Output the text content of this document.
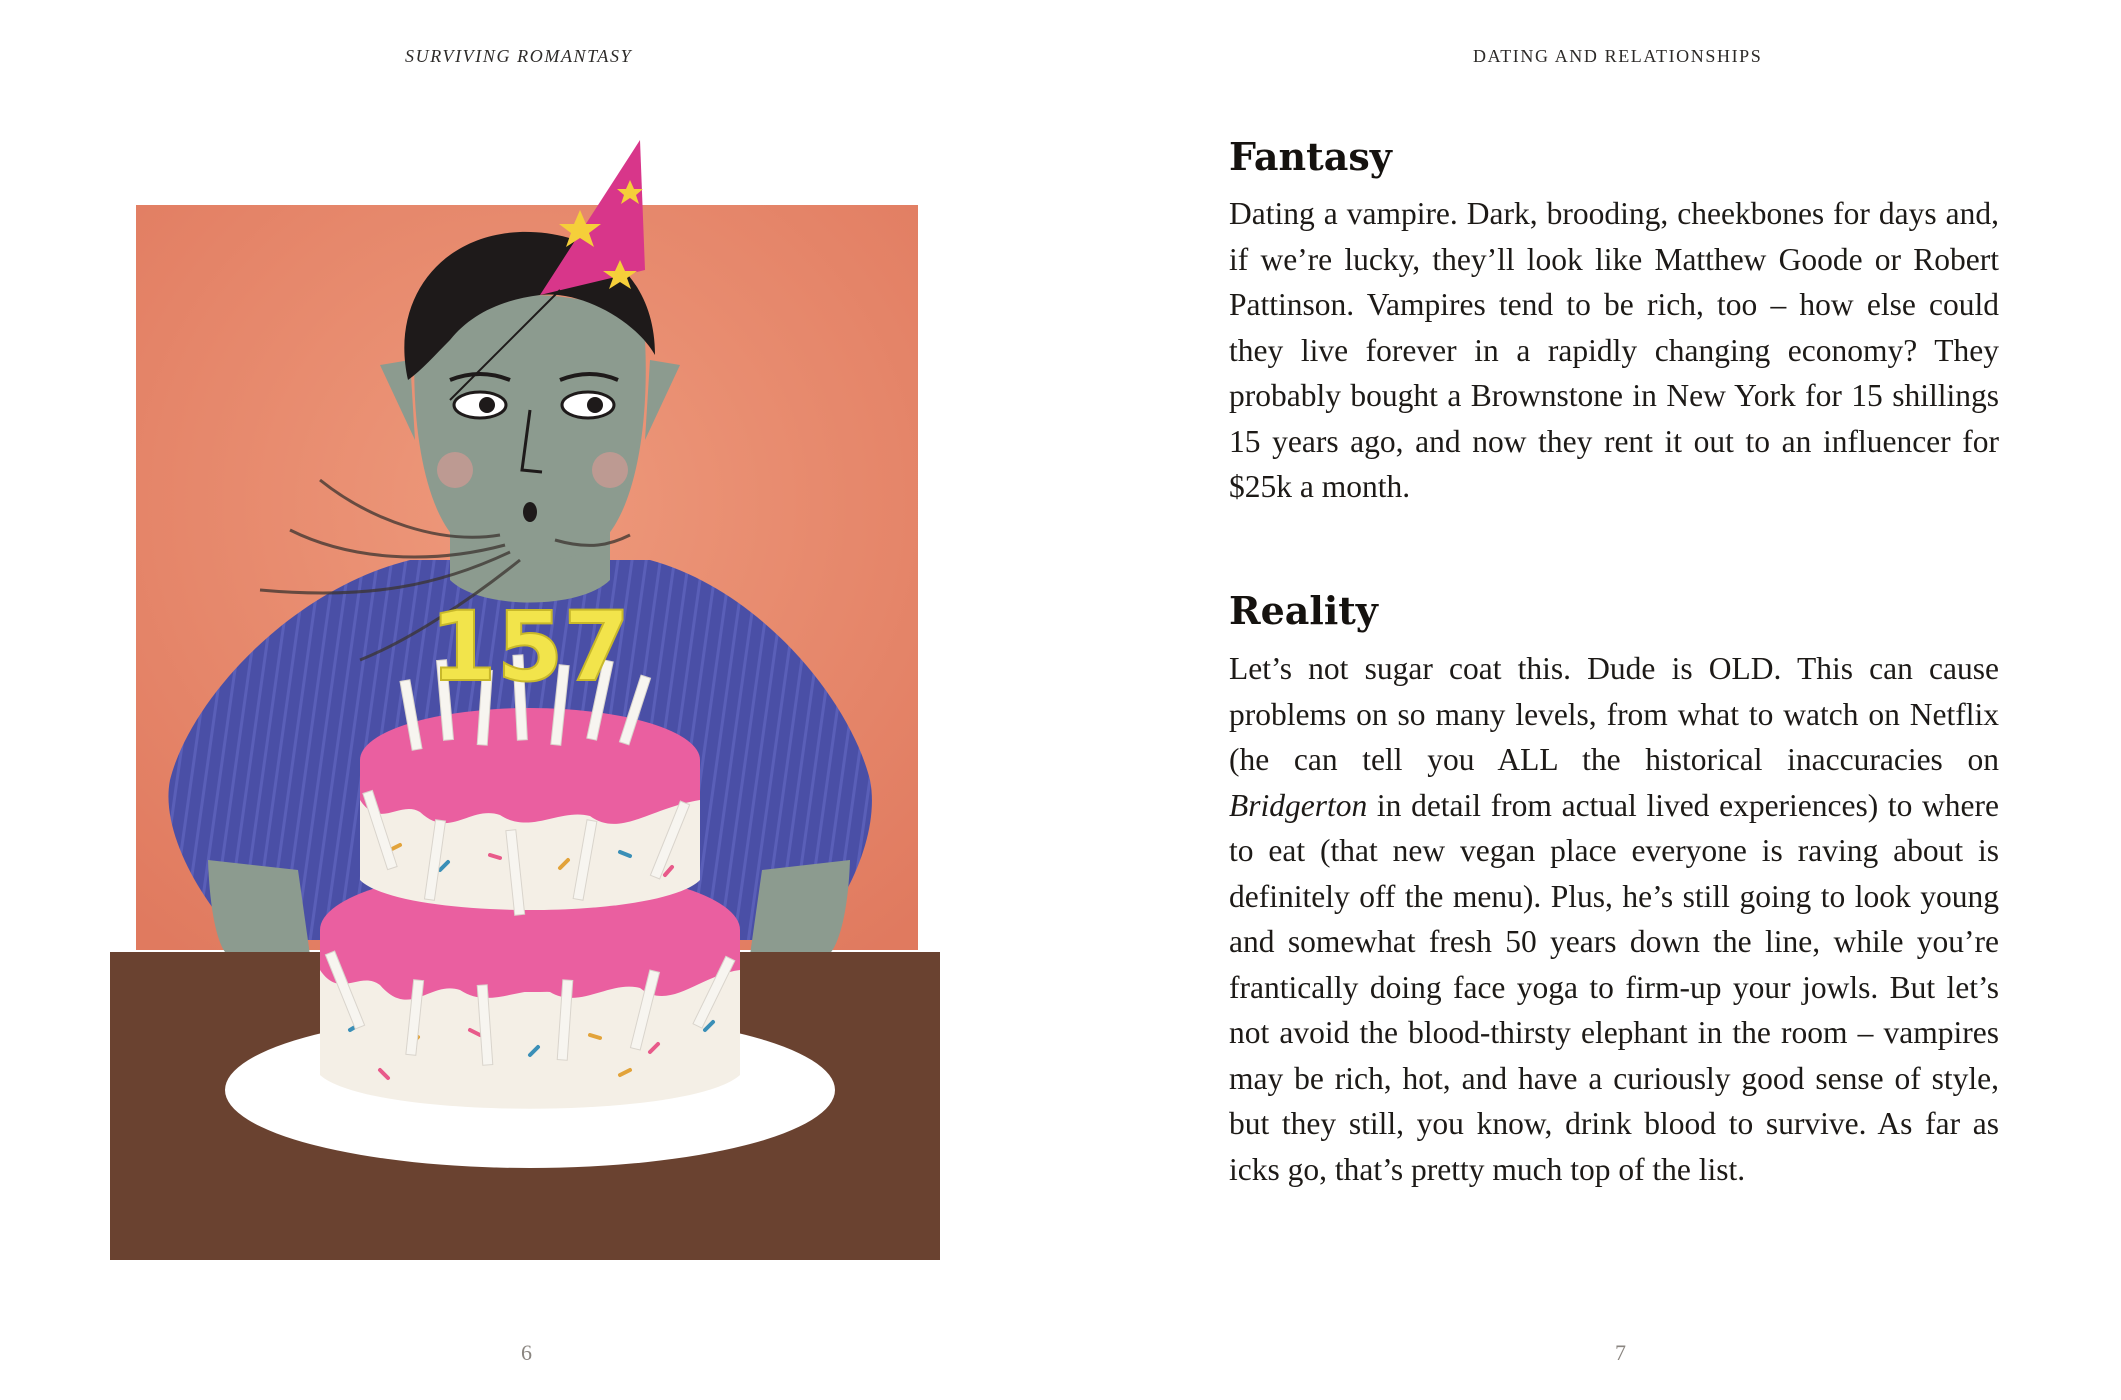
SURVIVING ROMANTASY
157
6
DATING AND RELATIONSHIPS
Fantasy

Dating a vampire. Dark, brooding, cheekbones for days and, if we’re lucky, they’ll look like Matthew Goode or Robert Pattinson. Vampires tend to be rich, too – how else could they live forever in a rapidly changing economy? They probably bought a Brownstone in New York for 15 shillings 15 years ago, and now they rent it out to an influencer for $25k a month.

Reality

Let’s not sugar coat this. Dude is OLD. This can cause problems on so many levels, from what to watch on Netflix (he can tell you ALL the historical inaccuracies on Bridgerton in detail from actual lived experiences) to where to eat (that new vegan place everyone is raving about is definitely off the menu). Plus, he’s still going to look young and somewhat fresh 50 years down the line, while you’re frantically doing face yoga to firm-up your jowls. But let’s not avoid the blood-thirsty elephant in the room – vampires may be rich, hot, and have a curiously good sense of style, but they still, you know, drink blood to survive. As far as icks go, that’s pretty much top of the list.

7
